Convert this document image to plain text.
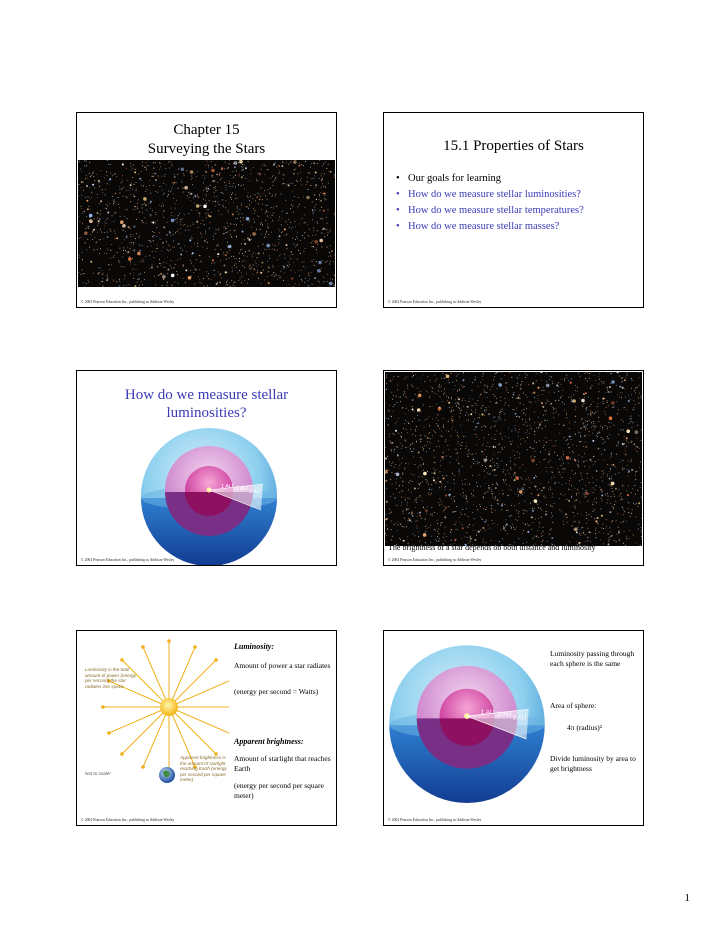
Chapter 15
Surveying the Stars
© 2004 Pearson Education Inc., publishing as Addison-Wesley
15.1 Properties of Stars
• Our goals for learning
• How do we measure stellar luminosities?
• How do we measure stellar temperatures?
• How do we measure stellar masses?
© 2004 Pearson Education Inc., publishing as Addison-Wesley
How do we measure stellar
luminosities?
1 AU 2 AU 3 AU
© 2004 Pearson Education Inc., publishing as Addison-Wesley
The brightness of a star depends on both distance and luminosity
© 2004 Pearson Education Inc., publishing as Addison-Wesley
Luminosity is the total amount of power (energy per second) the star radiates into space.
Apparent brightness is the amount of starlight reaching Earth (energy per second per square meter).
Not to scale!
Luminosity:
Amount of power a star radiates
(energy per second = Watts)
Apparent brightness:
Amount of starlight that reaches Earth
(energy per second per square meter)
© 2004 Pearson Education Inc., publishing as Addison-Wesley
1 AU 2 AU 3 AU
Luminosity passing through each sphere is the same
Area of sphere:
4π (radius)²
Divide luminosity by area to get brightness
© 2004 Pearson Education Inc., publishing as Addison-Wesley
1
